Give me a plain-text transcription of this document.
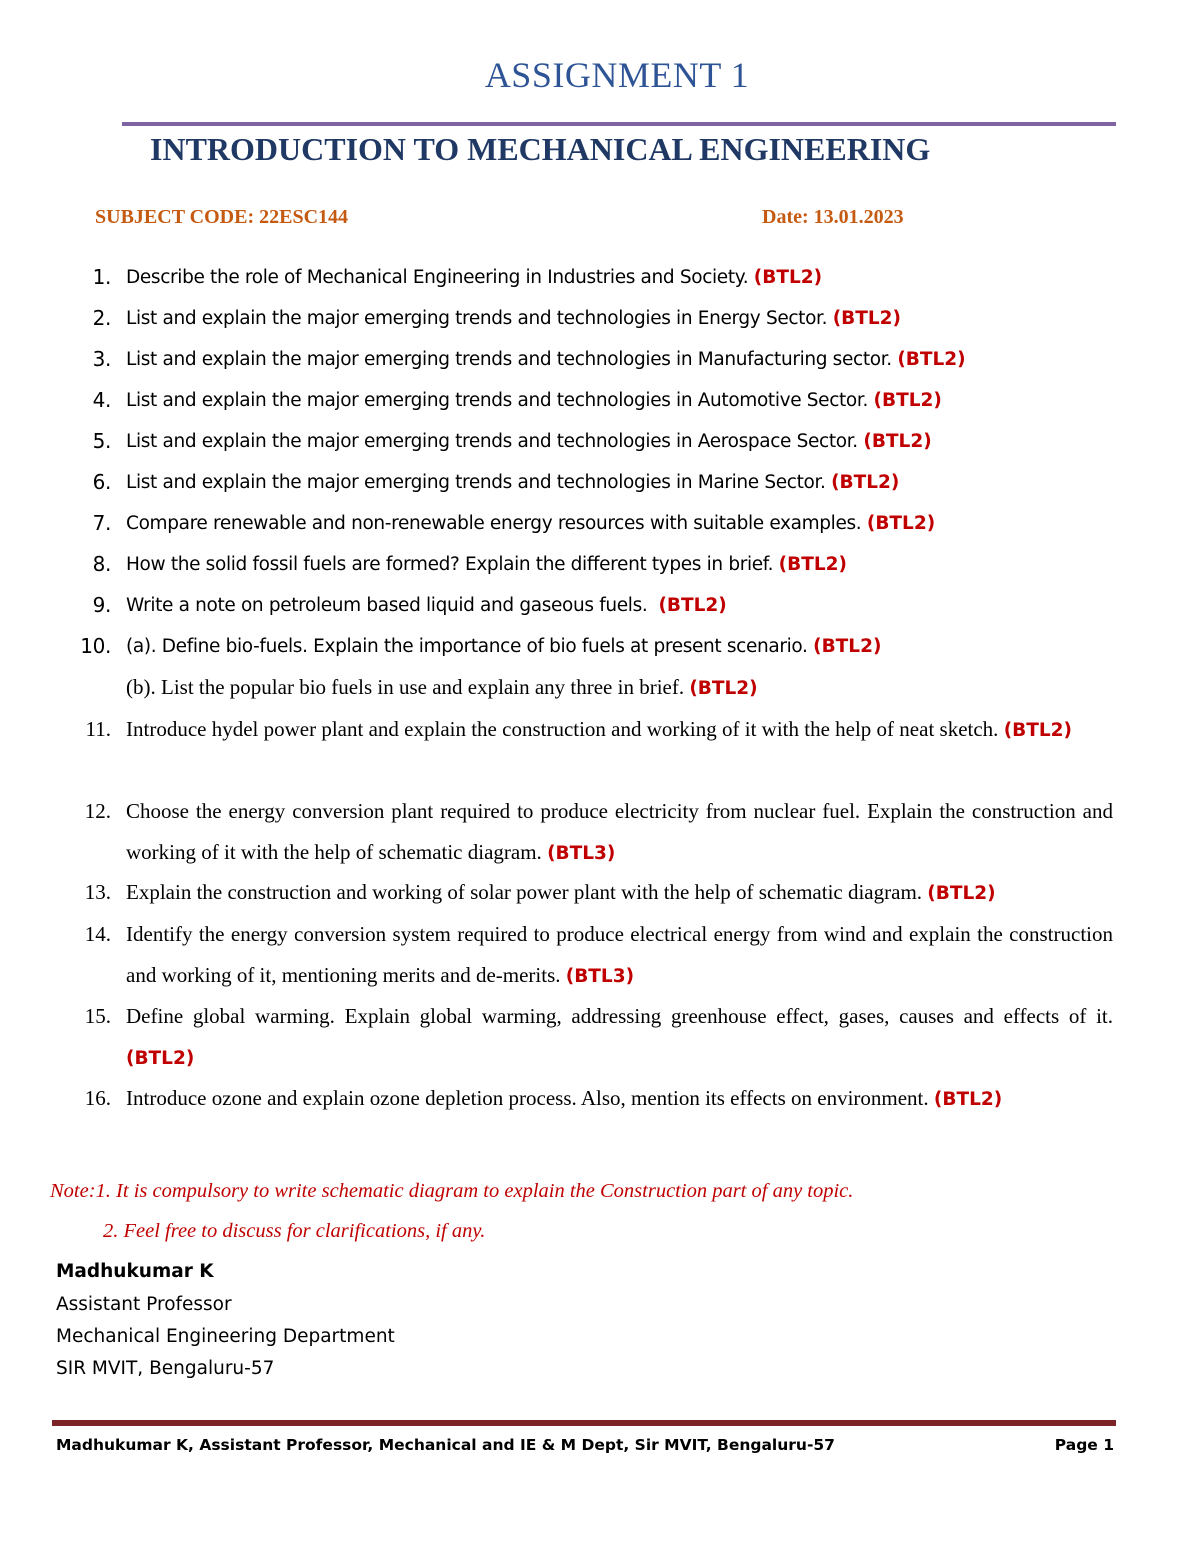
ASSIGNMENT 1
INTRODUCTION TO MECHANICAL ENGINEERING
SUBJECT CODE: 22ESC144	Date: 13.01.2023
1. Describe the role of Mechanical Engineering in Industries and Society. (BTL2)
2. List and explain the major emerging trends and technologies in Energy Sector. (BTL2)
3. List and explain the major emerging trends and technologies in Manufacturing sector. (BTL2)
4. List and explain the major emerging trends and technologies in Automotive Sector. (BTL2)
5. List and explain the major emerging trends and technologies in Aerospace Sector. (BTL2)
6. List and explain the major emerging trends and technologies in Marine Sector. (BTL2)
7. Compare renewable and non-renewable energy resources with suitable examples. (BTL2)
8. How the solid fossil fuels are formed? Explain the different types in brief. (BTL2)
9. Write a note on petroleum based liquid and gaseous fuels. (BTL2)
10. (a). Define bio-fuels. Explain the importance of bio fuels at present scenario. (BTL2)
(b). List the popular bio fuels in use and explain any three in brief. (BTL2)
11. Introduce hydel power plant and explain the construction and working of it with the help of neat sketch. (BTL2)
12. Choose the energy conversion plant required to produce electricity from nuclear fuel. Explain the construction and working of it with the help of schematic diagram. (BTL3)
13. Explain the construction and working of solar power plant with the help of schematic diagram. (BTL2)
14. Identify the energy conversion system required to produce electrical energy from wind and explain the construction and working of it, mentioning merits and de-merits. (BTL3)
15. Define global warming. Explain global warming, addressing greenhouse effect, gases, causes and effects of it. (BTL2)
16. Introduce ozone and explain ozone depletion process. Also, mention its effects on environment. (BTL2)
Note:1. It is compulsory to write schematic diagram to explain the Construction part of any topic.
2. Feel free to discuss for clarifications, if any.
Madhukumar K
Assistant Professor
Mechanical Engineering Department
SIR MVIT, Bengaluru-57
Madhukumar K, Assistant Professor, Mechanical and IE & M Dept, Sir MVIT, Bengaluru-57	Page 1
